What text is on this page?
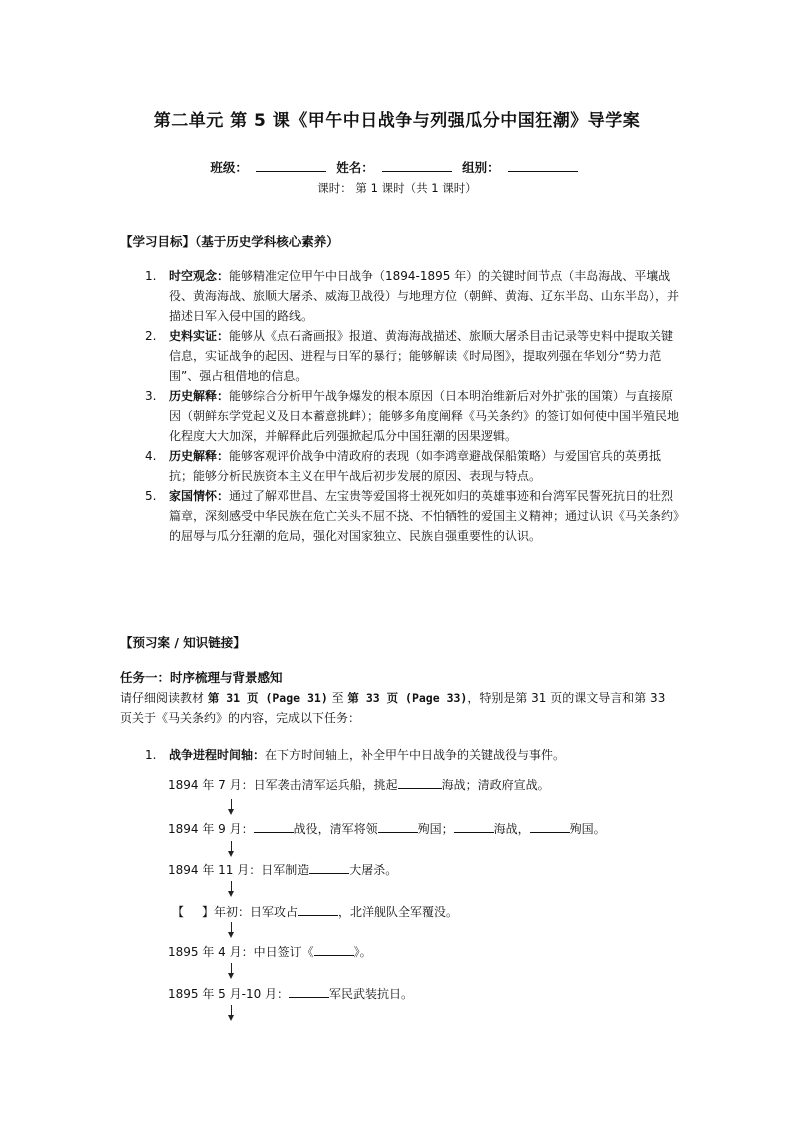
第二单元 第 5 课《甲午中日战争与列强瓜分中国狂潮》导学案
班级：	姓名：	组别：
课时： 第 1 课时（共 1 课时）
【学习目标】（基于历史学科核心素养）

1. 时空观念：能够精准定位甲午中日战争（1894-1895 年）的关键时间节点（丰岛海战、平壤战役、黄海海战、旅顺大屠杀、威海卫战役）与地理方位（朝鲜、黄海、辽东半岛、山东半岛），并描述日军入侵中国的路线。

2. 史料实证：能够从《点石斋画报》报道、黄海海战描述、旅顺大屠杀目击记录等史料中提取关键信息，实证战争的起因、进程与日军的暴行；能够解读《时局图》，提取列强在华划分“势力范围”、强占租借地的信息。

3. 历史解释：能够综合分析甲午战争爆发的根本原因（日本明治维新后对外扩张的国策）与直接原因（朝鲜东学党起义及日本蓄意挑衅）；能够多角度阐释《马关条约》的签订如何使中国半殖民地化程度大大加深，并解释此后列强掀起瓜分中国狂潮的因果逻辑。

4. 历史解释：能够客观评价战争中清政府的表现（如李鸿章避战保船策略）与爱国官兵的英勇抵抗；能够分析民族资本主义在甲午战后初步发展的原因、表现与特点。

5. 家国情怀：通过了解邓世昌、左宝贵等爱国将士视死如归的英雄事迹和台湾军民誓死抗日的壮烈篇章，深刻感受中华民族在危亡关头不屈不挠、不怕牺牲的爱国主义精神；通过认识《马关条约》的屈辱与瓜分狂潮的危局，强化对国家独立、民族自强重要性的认识。

【预习案 / 知识链接】
任务一：时序梳理与背景感知
请仔细阅读教材 第 31 页 (Page 31) 至 第 33 页 (Page 33)，特别是第 31 页的课文导言和第 33 页关于《马关条约》的内容，完成以下任务：
1. 战争进程时间轴：在下方时间轴上，补全甲午中日战争的关键战役与事件。
1894 年 7 月：日军袭击清军运兵船，挑起	海战；清政府宣战。
1894 年 9 月：	战役，清军将领	殉国；	海战，	殉国。
1894 年 11 月：日军制造	大屠杀。
【 】年初：日军攻占	，北洋舰队全军覆没。
1895 年 4 月：中日签订《	》。
1895 年 5 月-10 月：	军民武装抗日。
